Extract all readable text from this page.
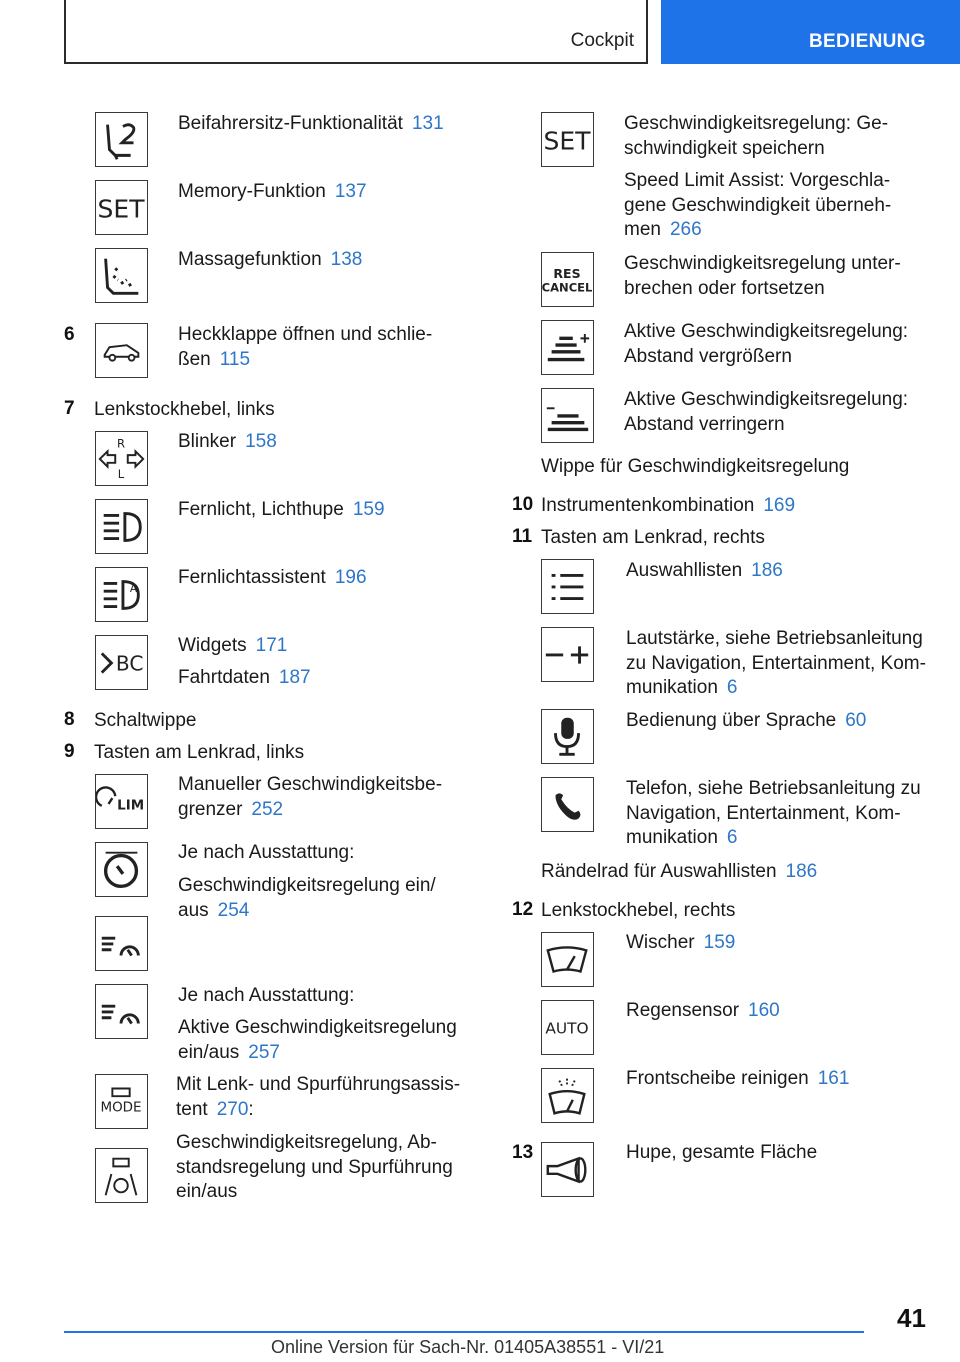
Cockpit	BEDIENUNG
Beifahrersitz-Funktionalität 131
SET
Memory-Funktion 137
Massagefunktion 138
6	Heckklappe öffnen und schlie-
ßen 115
7 Lenkstockhebel, links
R
L
Blinker 158
Fernlicht, Lichthupe 159
A
Fernlichtassistent 196
BC
Widgets 171
Fahrtdaten 187
8 Schaltwippe
9 Tasten am Lenkrad, links
LIM
Manueller Geschwindigkeitsbe-
grenzer 252
Je nach Ausstattung:
Geschwindigkeitsregelung ein/
aus 254
Je nach Ausstattung:
Aktive Geschwindigkeitsregelung
ein/aus 257
MODE
Mit Lenk- und Spurführungsassis-
tent 270:
Geschwindigkeitsregelung, Ab-
standsregelung und Spurführung
ein/aus
SET
Geschwindigkeitsregelung: Ge-
schwindigkeit speichern
Speed Limit Assist: Vorgeschla-
gene Geschwindigkeit überneh-
men 266
RES
CANCEL
Geschwindigkeitsregelung unter-
brechen oder fortsetzen
Aktive Geschwindigkeitsregelung:
Abstand vergrößern
Aktive Geschwindigkeitsregelung:
Abstand verringern
Wippe für Geschwindigkeitsregelung
10 Instrumentenkombination 169
11 Tasten am Lenkrad, rechts
Auswahllisten 186
Lautstärke, siehe Betriebsanleitung
zu Navigation, Entertainment, Kom-
munikation 6
Bedienung über Sprache 60
Telefon, siehe Betriebsanleitung zu
Navigation, Entertainment, Kom-
munikation 6
Rändelrad für Auswahllisten 186
12 Lenkstockhebel, rechts
Wischer 159
AUTO
Regensensor 160
Frontscheibe reinigen 161
13	Hupe, gesamte Fläche
41
Online Version für Sach-Nr. 01405A38551 - VI/21
